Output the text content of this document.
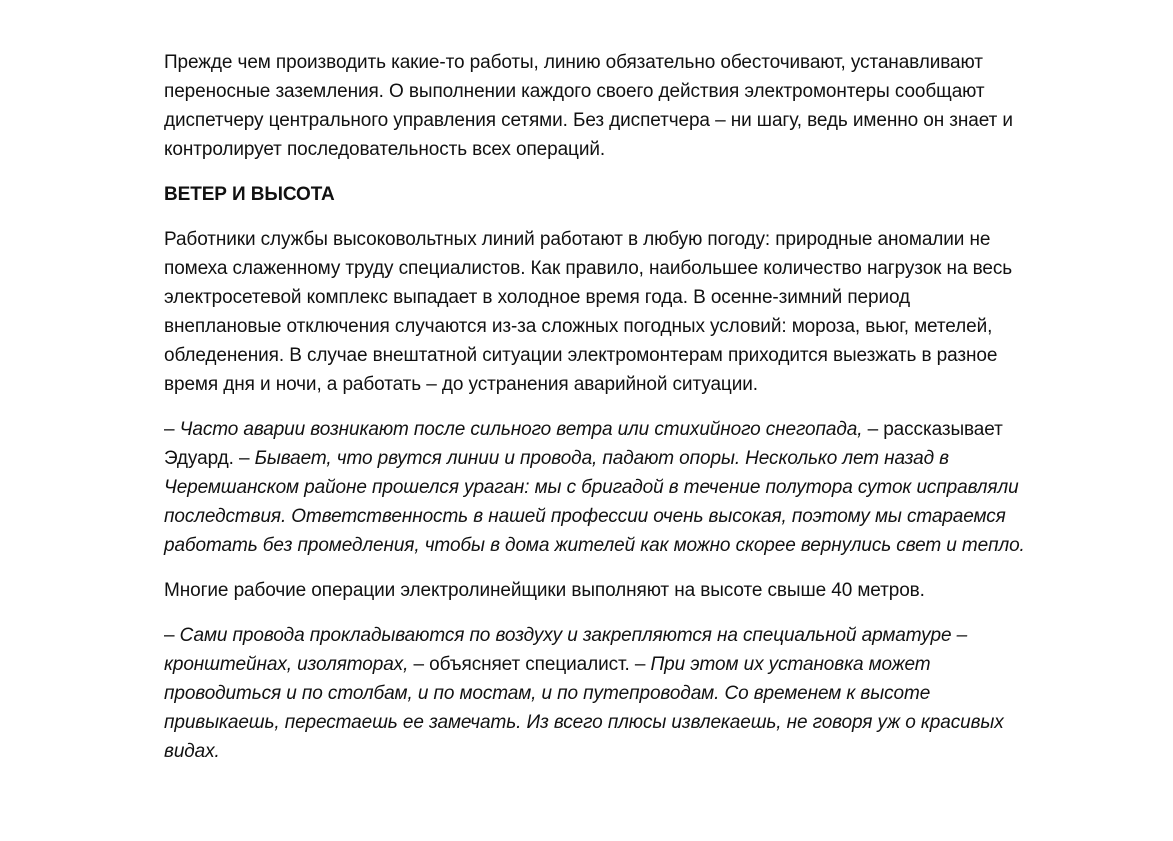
Прежде чем производить какие-то работы, линию обязательно обесточивают, устанавливают
переносные заземления. О выполнении каждого своего действия электромонтеры сообщают
диспетчеру центрального управления сетями. Без диспетчера – ни шагу, ведь именно он знает и
контролирует последовательность всех операций.

ВЕТЕР И ВЫСОТА

Работники службы высоковольтных линий работают в любую погоду: природные аномалии не
помеха слаженному труду специалистов. Как правило, наибольшее количество нагрузок на весь
электросетевой комплекс выпадает в холодное время года. В осенне-зимний период
внеплановые отключения случаются из-за сложных погодных условий: мороза, вьюг, метелей,
обледенения. В случае внештатной ситуации электромонтерам приходится выезжать в разное
время дня и ночи, а работать – до устранения аварийной ситуации.

– Часто аварии возникают после сильного ветра или стихийного снегопада, – рассказывает
Эдуард. – Бывает, что рвутся линии и провода, падают опоры. Несколько лет назад в
Черемшанском районе прошелся ураган: мы с бригадой в течение полутора суток исправляли
последствия. Ответственность в нашей профессии очень высокая, поэтому мы стараемся
работать без промедления, чтобы в дома жителей как можно скорее вернулись свет и тепло.

Многие рабочие операции электролинейщики выполняют на высоте свыше 40 метров.

– Сами провода прокладываются по воздуху и закрепляются на специальной арматуре –
кронштейнах, изоляторах, – объясняет специалист. – При этом их установка может
проводиться и по столбам, и по мостам, и по путепроводам. Со временем к высоте
привыкаешь, перестаешь ее замечать. Из всего плюсы извлекаешь, не говоря уж о красивых
видах.
